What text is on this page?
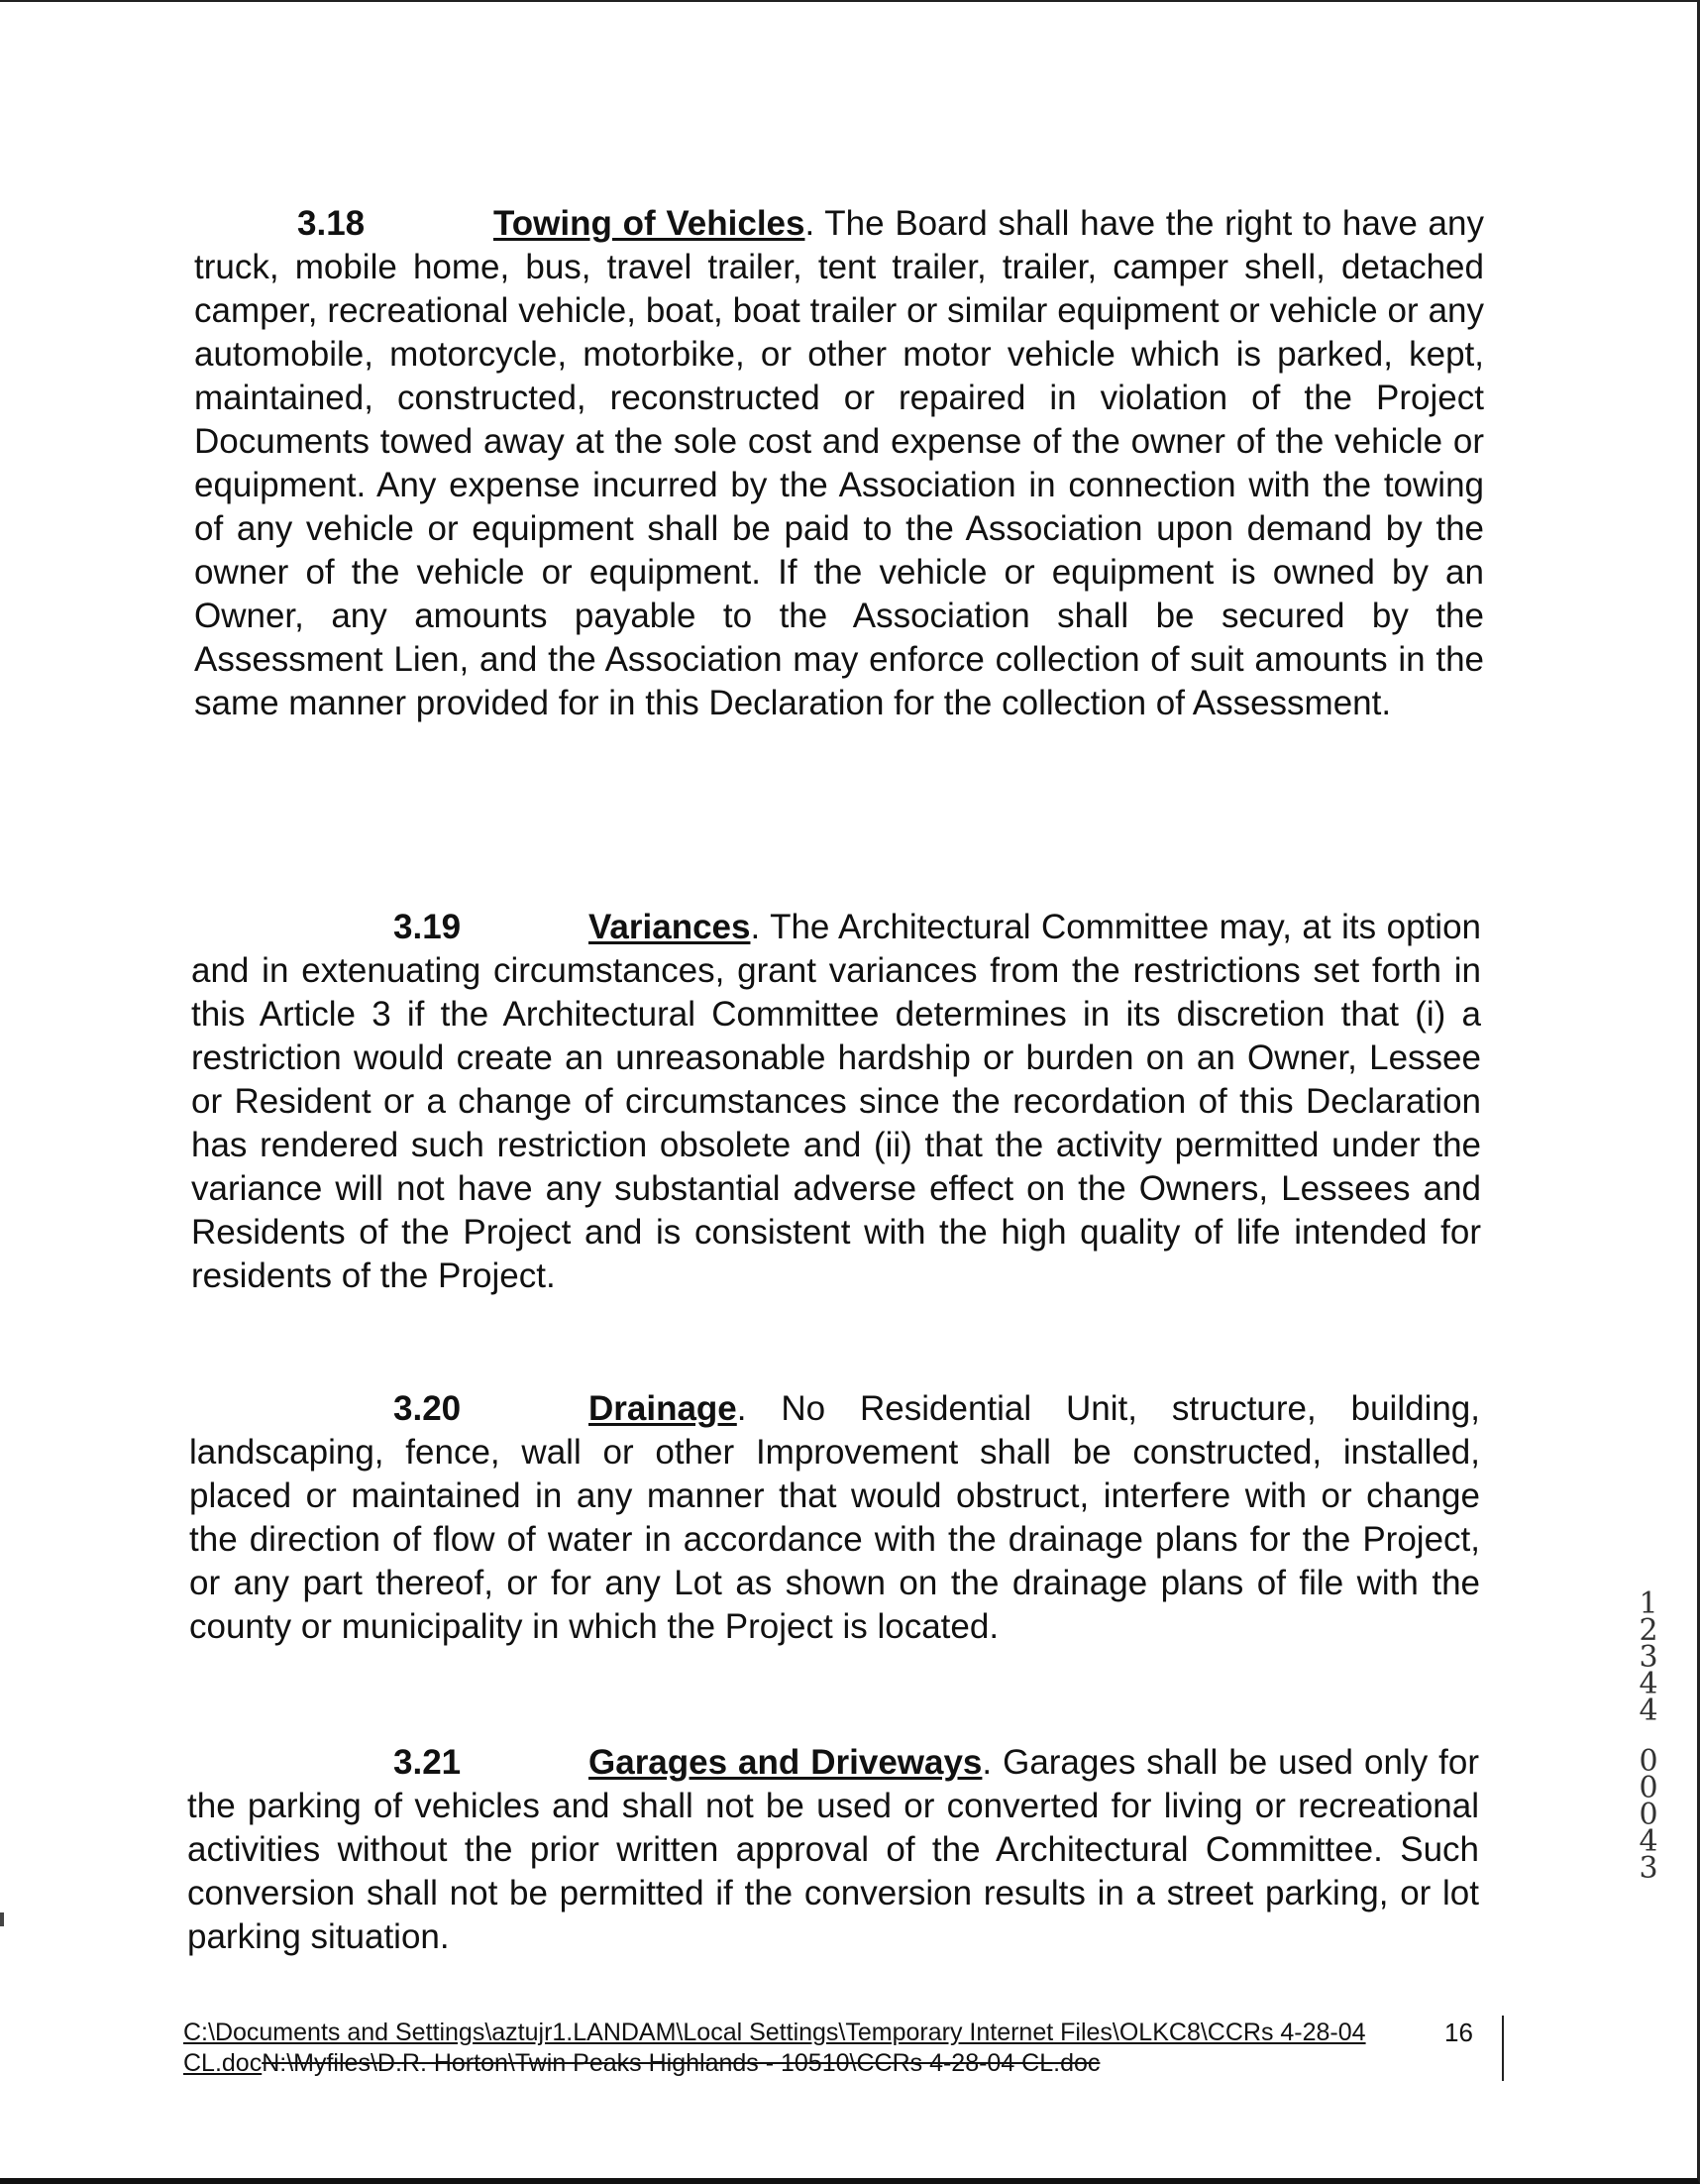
3.18	Towing of Vehicles. The Board shall have the right to have any truck, mobile home, bus, travel trailer, tent trailer, trailer, camper shell, detached camper, recreational vehicle, boat, boat trailer or similar equipment or vehicle or any automobile, motorcycle, motorbike, or other motor vehicle which is parked, kept, maintained, constructed, reconstructed or repaired in violation of the Project Documents towed away at the sole cost and expense of the owner of the vehicle or equipment. Any expense incurred by the Association in connection with the towing of any vehicle or equipment shall be paid to the Association upon demand by the owner of the vehicle or equipment. If the vehicle or equipment is owned by an Owner, any amounts payable to the Association shall be secured by the Assessment Lien, and the Association may enforce collection of suit amounts in the same manner provided for in this Declaration for the collection of Assessment.
3.19	Variances. The Architectural Committee may, at its option and in extenuating circumstances, grant variances from the restrictions set forth in this Article 3 if the Architectural Committee determines in its discretion that (i) a restriction would create an unreasonable hardship or burden on an Owner, Lessee or Resident or a change of circumstances since the recordation of this Declaration has rendered such restriction obsolete and (ii) that the activity permitted under the variance will not have any substantial adverse effect on the Owners, Lessees and Residents of the Project and is consistent with the high quality of life intended for residents of the Project.
3.20	Drainage. No Residential Unit, structure, building, landscaping, fence, wall or other Improvement shall be constructed, installed, placed or maintained in any manner that would obstruct, interfere with or change the direction of flow of water in accordance with the drainage plans for the Project, or any part thereof, or for any Lot as shown on the drainage plans of file with the county or municipality in which the Project is located.
3.21	Garages and Driveways. Garages shall be used only for the parking of vehicles and shall not be used or converted for living or recreational activities without the prior written approval of the Architectural Committee. Such conversion shall not be permitted if the conversion results in a street parking, or lot parking situation.
C:\Documents and Settings\aztujr1.LANDAM\Local Settings\Temporary Internet Files\OLKC8\CCRs 4-28-04 CL.docN:\Myfiles\D.R. Horton\Twin Peaks Highlands - 10510\CCRs 4-28-04 CL.doc
16
1
2
3
4
4
0
0
0
4
3
